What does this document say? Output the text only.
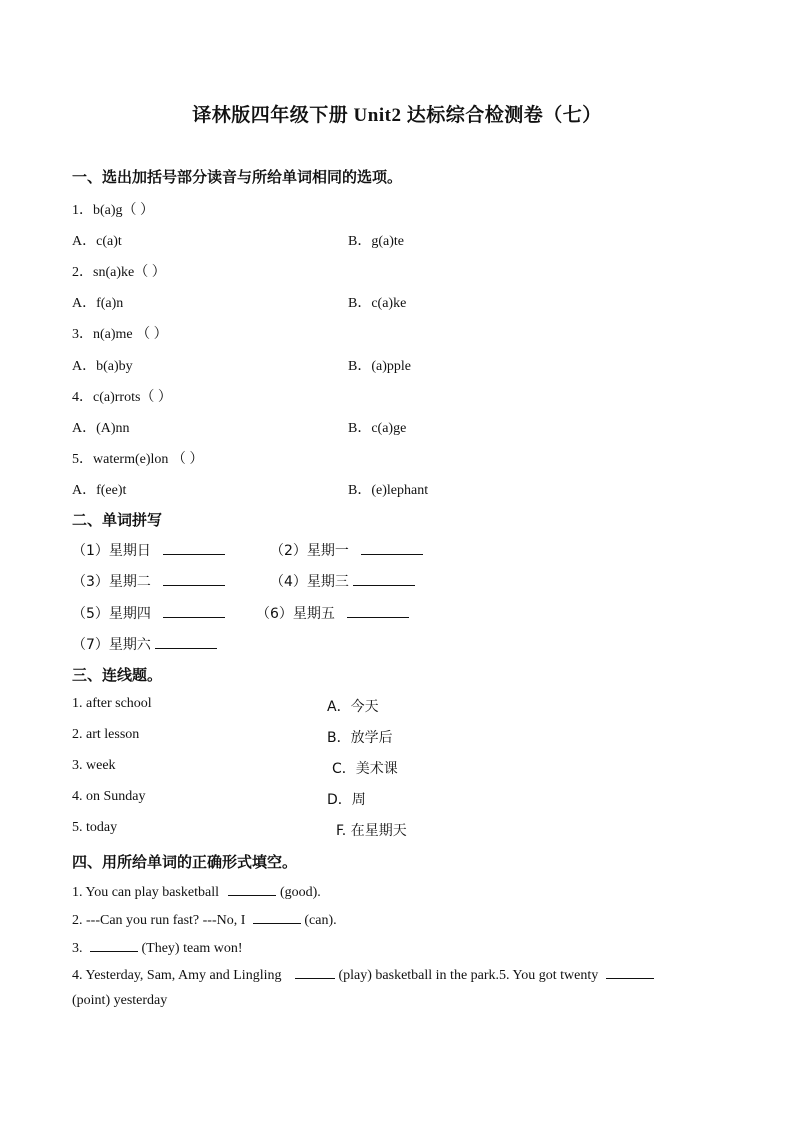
译林版四年级下册 Unit2 达标综合检测卷（七）
一、选出加括号部分读音与所给单词相同的选项。
1．b(a)g（ ）
A．c(a)t	B．g(a)te
2．sn(a)ke（ ）
A．f(a)n	B．c(a)ke
3．n(a)me （ ）
A．b(a)by	B．(a)pple
4．c(a)rrots（ ）
A．(A)nn	B．c(a)ge
5．waterm(e)lon （ ）
A．f(ee)t	B．(e)lephant
二、单词拼写
（1）星期日	（2）星期一
（3）星期二	（4）星期三
（5）星期四	（6）星期五
（7）星期六
三、连线题。
1. after school	A．今天
2. art lesson	B．放学后
3. week	C．美术课
4. on Sunday	D．周
5. today	F. 在星期天
四、用所给单词的正确形式填空。
1. You can play basketball	(good).
2. ---Can you run fast? ---No, I	(can).
3.	(They) team won!
4. Yesterday, Sam, Amy and Lingling	(play) basketball in the park.5. You got twenty
(point) yesterday
